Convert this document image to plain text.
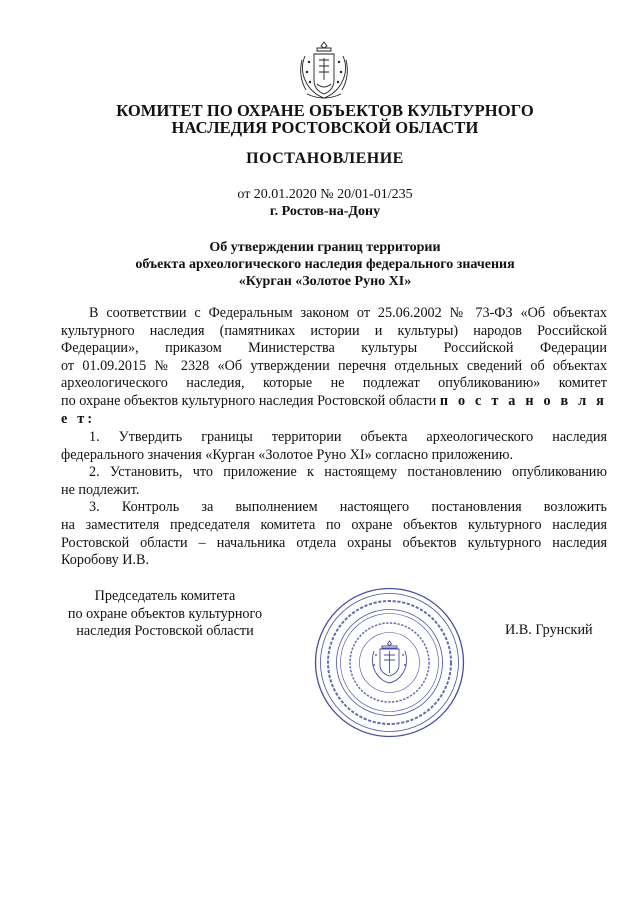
КОМИТЕТ ПО ОХРАНЕ ОБЪЕКТОВ КУЛЬТУРНОГО
НАСЛЕДИЯ РОСТОВСКОЙ ОБЛАСТИ
ПОСТАНОВЛЕНИЕ
от 20.01.2020 № 20/01-01/235
г. Ростов-на-Дону
Об утверждении границ территории
объекта археологического наследия федерального значения
«Курган «Золотое Руно XI»
В соответствии с Федеральным законом от 25.06.2002 № 73-ФЗ «Об объектах
культурного наследия (памятниках истории и культуры) народов Российской
Федерации», приказом Министерства культуры Российской Федерации
от 01.09.2015 № 2328 «Об утверждении перечня отдельных сведений об объектах
археологического наследия, которые не подлежат опубликованию» комитет
по охране объектов культурного наследия Ростовской области п о с т а н о в л я е т:
1. Утвердить границы территории объекта археологического наследия
федерального значения «Курган «Золотое Руно XI» согласно приложению.
2. Установить, что приложение к настоящему постановлению опубликованию
не подлежит.
3. Контроль за выполнением настоящего постановления возложить
на заместителя председателя комитета по охране объектов культурного наследия
Ростовской области – начальника отдела охраны объектов культурного наследия
Коробову И.В.
Председатель комитета
по охране объектов культурного
наследия Ростовской области	И.В. Грунский
